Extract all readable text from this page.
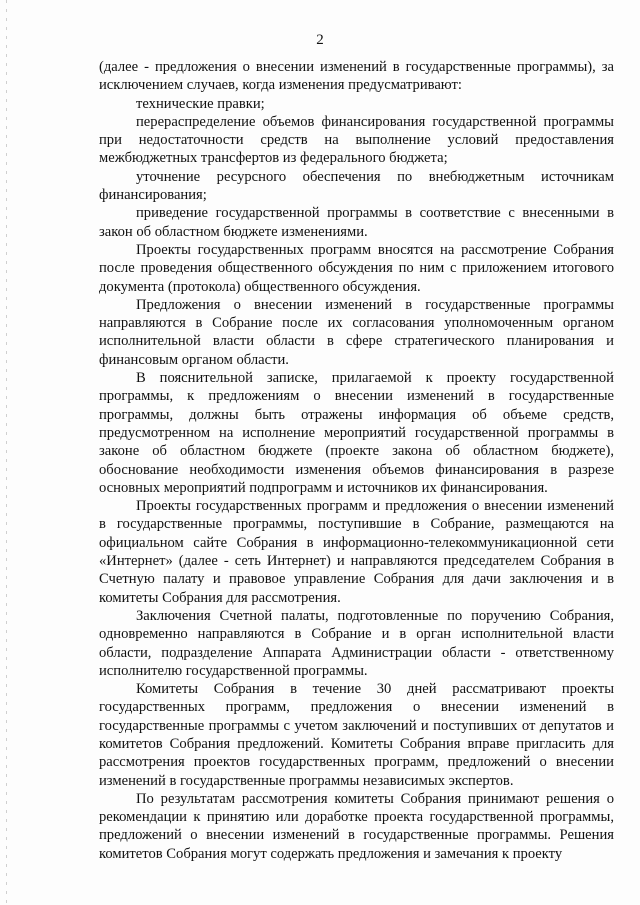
2

(далее - предложения о внесении изменений в государственные программы), за исключением случаев, когда изменения предусматривают:

технические правки;

перераспределение объемов финансирования государственной программы при недостаточности средств на выполнение условий предоставления межбюджетных трансфертов из федерального бюджета;

уточнение ресурсного обеспечения по внебюджетным источникам финансирования;

приведение государственной программы в соответствие с внесенными в закон об областном бюджете изменениями.

Проекты государственных программ вносятся на рассмотрение Собрания после проведения общественного обсуждения по ним с приложением итогового документа (протокола) общественного обсуждения.

Предложения о внесении изменений в государственные программы направляются в Собрание после их согласования уполномоченным органом исполнительной власти области в сфере стратегического планирования и финансовым органом области.

В пояснительной записке, прилагаемой к проекту государственной программы, к предложениям о внесении изменений в государственные программы, должны быть отражены информация об объеме средств, предусмотренном на исполнение мероприятий государственной программы в законе об областном бюджете (проекте закона об областном бюджете), обоснование необходимости изменения объемов финансирования в разрезе основных мероприятий подпрограмм и источников их финансирования.

Проекты государственных программ и предложения о внесении изменений в государственные программы, поступившие в Собрание, размещаются на официальном сайте Собрания в информационно-телекоммуникационной сети «Интернет» (далее - сеть Интернет) и направляются председателем Собрания в Счетную палату и правовое управление Собрания для дачи заключения и в комитеты Собрания для рассмотрения.

Заключения Счетной палаты, подготовленные по поручению Собрания, одновременно направляются в Собрание и в орган исполнительной власти области, подразделение Аппарата Администрации области - ответственному исполнителю государственной программы.

Комитеты Собрания в течение 30 дней рассматривают проекты государственных программ, предложения о внесении изменений в государственные программы с учетом заключений и поступивших от депутатов и комитетов Собрания предложений. Комитеты Собрания вправе пригласить для рассмотрения проектов государственных программ, предложений о внесении изменений в государственные программы независимых экспертов.

По результатам рассмотрения комитеты Собрания принимают решения о рекомендации к принятию или доработке проекта государственной программы, предложений о внесении изменений в государственные программы. Решения комитетов Собрания могут содержать предложения и замечания к проекту
